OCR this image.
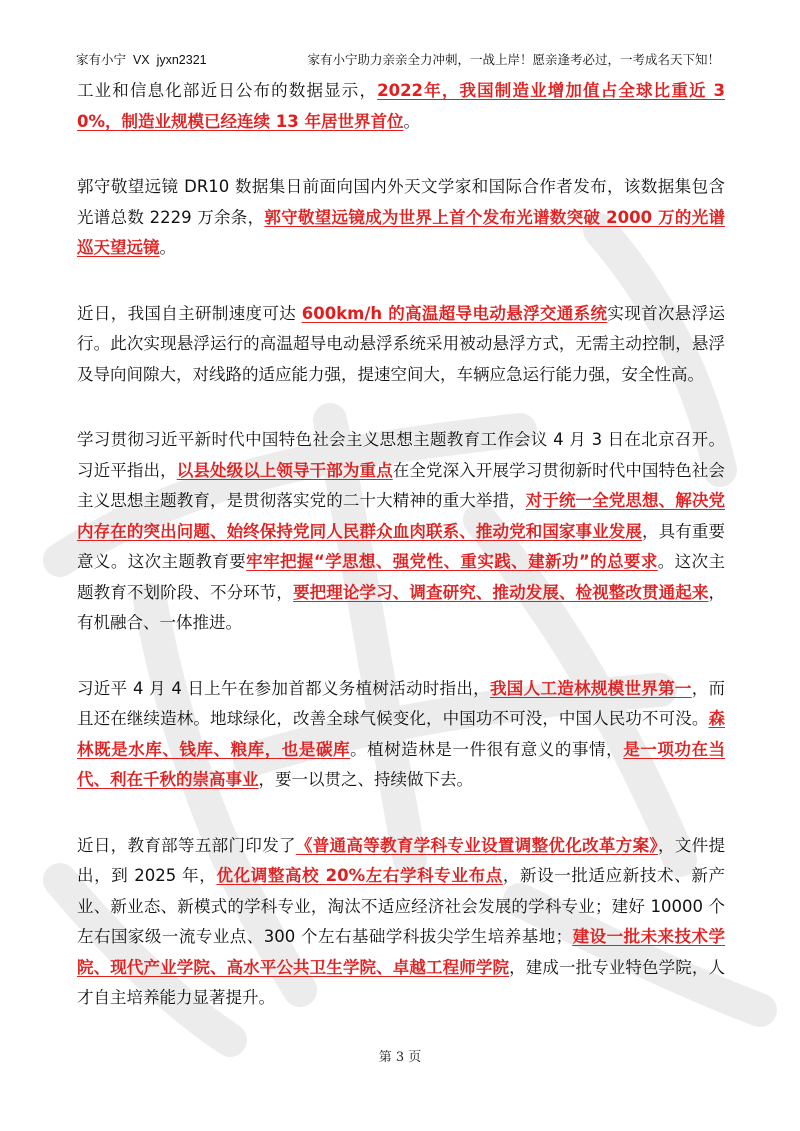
家有小宁  VX  jyxn2321	家有小宁助力亲亲全力冲刺，一战上岸！愿亲逢考必过，一考成名天下知！

工业和信息化部近日公布的数据显示，2022年，我国制造业增加值占全球比重近 30%，制造业规模已经连续 13 年居世界首位。

郭守敬望远镜 DR10 数据集日前面向国内外天文学家和国际合作者发布，该数据集包含光谱总数 2229 万余条，郭守敬望远镜成为世界上首个发布光谱数突破 2000 万的光谱巡天望远镜。

近日，我国自主研制速度可达 600km/h 的高温超导电动悬浮交通系统实现首次悬浮运行。此次实现悬浮运行的高温超导电动悬浮系统采用被动悬浮方式，无需主动控制，悬浮及导向间隙大，对线路的适应能力强，提速空间大，车辆应急运行能力强，安全性高。

学习贯彻习近平新时代中国特色社会主义思想主题教育工作会议 4 月 3 日在北京召开。习近平指出，以县处级以上领导干部为重点在全党深入开展学习贯彻新时代中国特色社会主义思想主题教育，是贯彻落实党的二十大精神的重大举措，对于统一全党思想、解决党内存在的突出问题、始终保持党同人民群众血肉联系、推动党和国家事业发展，具有重要意义。这次主题教育要牢牢把握“学思想、强党性、重实践、建新功”的总要求。这次主题教育不划阶段、不分环节，要把理论学习、调查研究、推动发展、检视整改贯通起来，有机融合、一体推进。

习近平 4 月 4 日上午在参加首都义务植树活动时指出，我国人工造林规模世界第一，而且还在继续造林。地球绿化，改善全球气候变化，中国功不可没，中国人民功不可没。森林既是水库、钱库、粮库，也是碳库。植树造林是一件很有意义的事情，是一项功在当代、利在千秋的崇高事业，要一以贯之、持续做下去。

近日，教育部等五部门印发了《普通高等教育学科专业设置调整优化改革方案》，文件提出，到 2025 年，优化调整高校 20%左右学科专业布点，新设一批适应新技术、新产业、新业态、新模式的学科专业，淘汰不适应经济社会发展的学科专业；建好 10000 个左右国家级一流专业点、300 个左右基础学科拔尖学生培养基地；建设一批未来技术学院、现代产业学院、高水平公共卫生学院、卓越工程师学院，建成一批专业特色学院，人才自主培养能力显著提升。

第 3 页
